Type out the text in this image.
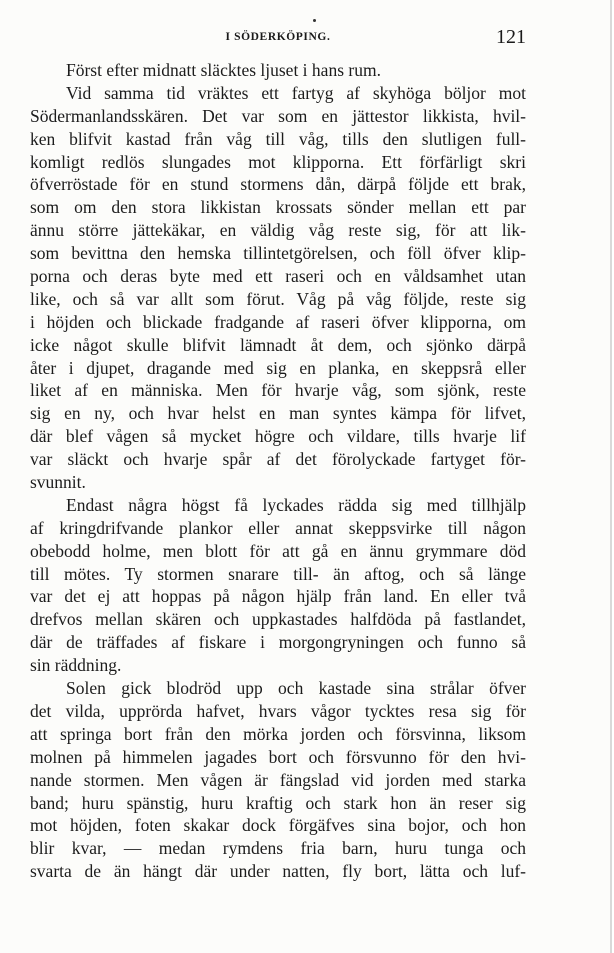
I SÖDERKÖPING.	121
Först efter midnatt släcktes ljuset i hans rum.
Vid samma tid vräktes ett fartyg af skyhöga böljor mot
Södermanlandsskären. Det var som en jättestor likkista, hvil-
ken blifvit kastad från våg till våg, tills den slutligen full-
komligt redlös slungades mot klipporna. Ett förfärligt skri
öfverröstade för en stund stormens dån, därpå följde ett brak,
som om den stora likkistan krossats sönder mellan ett par
ännu större jättekäkar, en väldig våg reste sig, för att lik-
som bevittna den hemska tillintetgörelsen, och föll öfver klip-
porna och deras byte med ett raseri och en våldsamhet utan
like, och så var allt som förut. Våg på våg följde, reste sig
i höjden och blickade fradgande af raseri öfver klipporna, om
icke något skulle blifvit lämnadt åt dem, och sjönko därpå
åter i djupet, dragande med sig en planka, en skeppsrå eller
liket af en människa. Men för hvarje våg, som sjönk, reste
sig en ny, och hvar helst en man syntes kämpa för lifvet,
där blef vågen så mycket högre och vildare, tills hvarje lif
var släckt och hvarje spår af det förolyckade fartyget för-
svunnit.
Endast några högst få lyckades rädda sig med tillhjälp
af kringdrifvande plankor eller annat skeppsvirke till någon
obebodd holme, men blott för att gå en ännu grymmare död
till mötes. Ty stormen snarare till- än aftog, och så länge
var det ej att hoppas på någon hjälp från land. En eller två
drefvos mellan skären och uppkastades halfdöda på fastlandet,
där de träffades af fiskare i morgongryningen och funno så
sin räddning.
Solen gick blodröd upp och kastade sina strålar öfver
det vilda, upprörda hafvet, hvars vågor tycktes resa sig för
att springa bort från den mörka jorden och försvinna, liksom
molnen på himmelen jagades bort och försvunno för den hvi-
nande stormen. Men vågen är fängslad vid jorden med starka
band; huru spänstig, huru kraftig och stark hon än reser sig
mot höjden, foten skakar dock förgäfves sina bojor, och hon
blir kvar, — medan rymdens fria barn, huru tunga och
svarta de än hängt där under natten, fly bort, lätta och luf-
